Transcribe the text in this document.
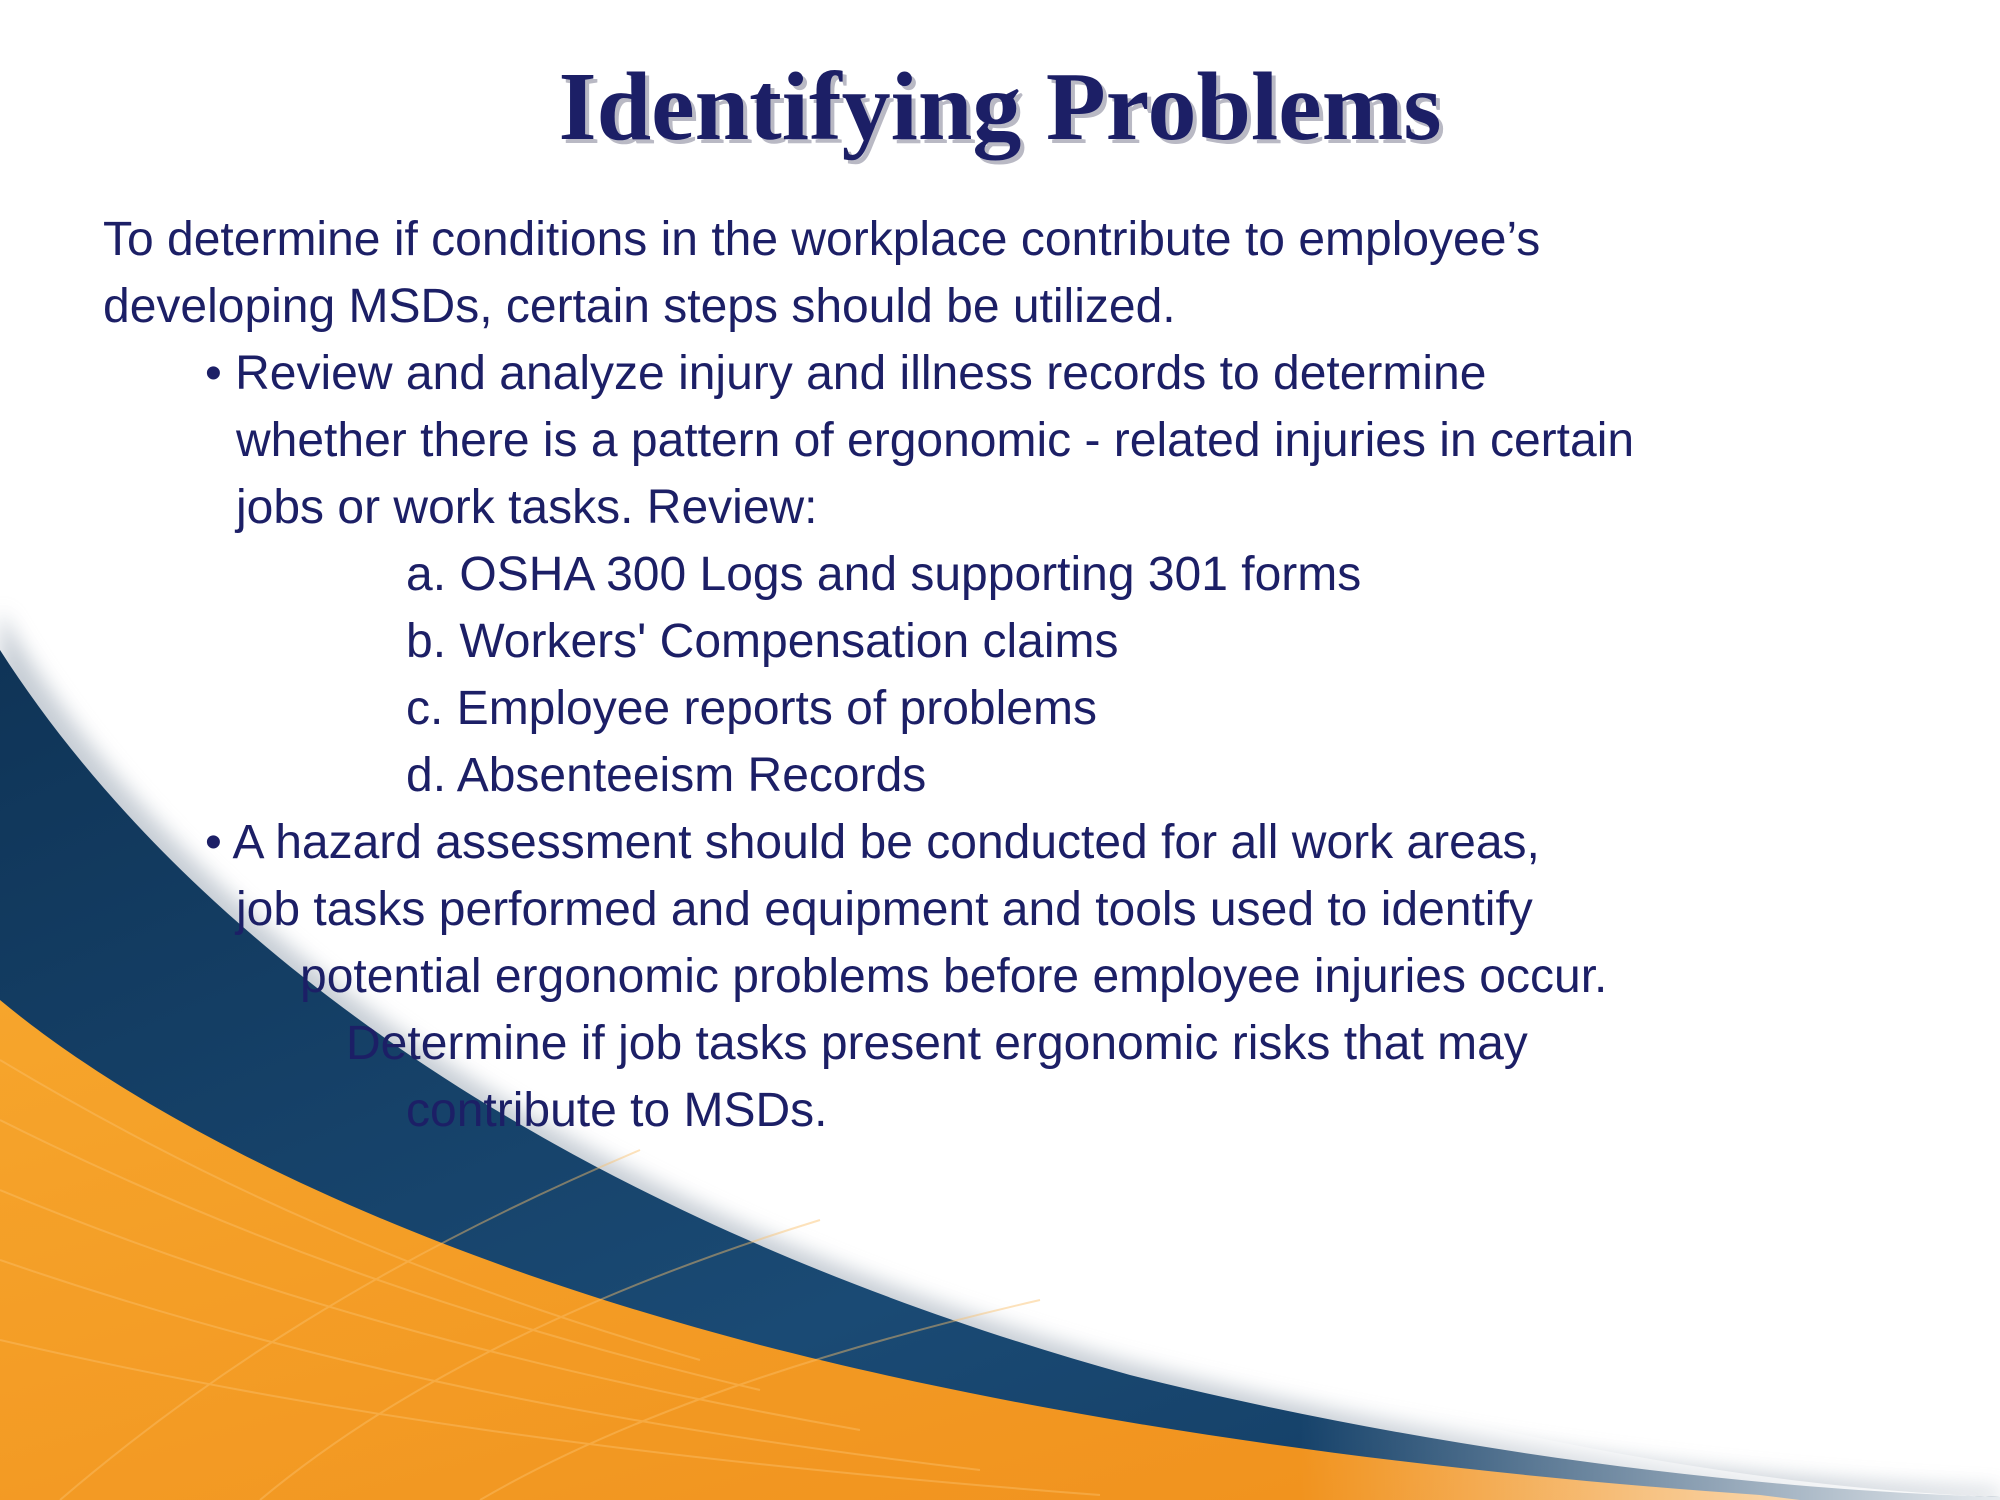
Identifying Problems

To determine if conditions in the workplace contribute to employee’s

developing MSDs, certain steps should be utilized.

• Review and analyze injury and illness records to determine

whether there is a pattern of ergonomic - related injuries in certain

jobs or work tasks. Review:

a. OSHA 300 Logs and supporting 301 forms

b. Workers' Compensation claims

c. Employee reports of problems

d. Absenteeism Records

• A hazard assessment should be conducted for all work areas,

job tasks performed and equipment and tools used to identify

potential ergonomic problems before employee injuries occur.

Determine if job tasks present ergonomic risks that may

contribute to MSDs.
